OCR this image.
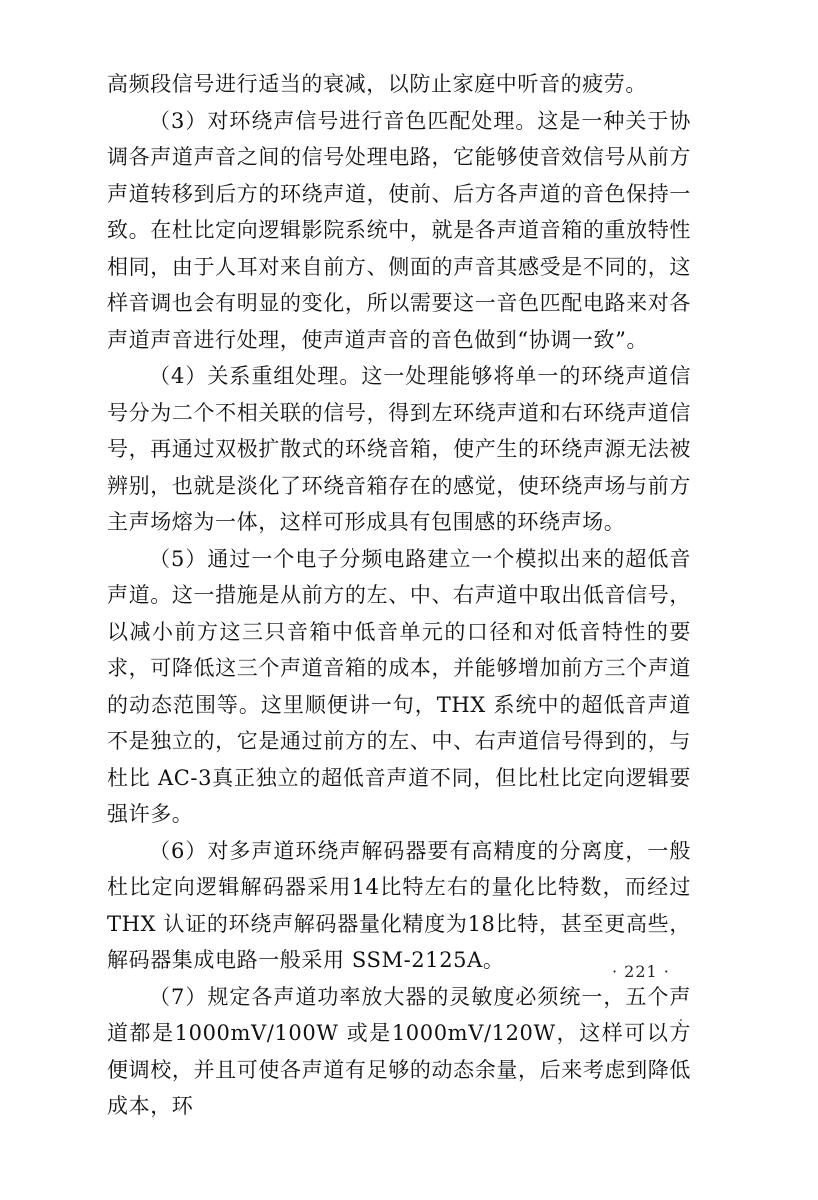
高频段信号进行适当的衰减，以防止家庭中听音的疲劳。

（3）对环绕声信号进行音色匹配处理。这是一种关于协调各声道声音之间的信号处理电路，它能够使音效信号从前方声道转移到后方的环绕声道，使前、后方各声道的音色保持一致。在杜比定向逻辑影院系统中，就是各声道音箱的重放特性相同，由于人耳对来自前方、侧面的声音其感受是不同的，这样音调也会有明显的变化，所以需要这一音色匹配电路来对各声道声音进行处理，使声道声音的音色做到“协调一致”。

（4）关系重组处理。这一处理能够将单一的环绕声道信号分为二个不相关联的信号，得到左环绕声道和右环绕声道信号，再通过双极扩散式的环绕音箱，使产生的环绕声源无法被辨别，也就是淡化了环绕音箱存在的感觉，使环绕声场与前方主声场熔为一体，这样可形成具有包围感的环绕声场。

（5）通过一个电子分频电路建立一个模拟出来的超低音声道。这一措施是从前方的左、中、右声道中取出低音信号，以减小前方这三只音箱中低音单元的口径和对低音特性的要求，可降低这三个声道音箱的成本，并能够增加前方三个声道的动态范围等。这里顺便讲一句，THX 系统中的超低音声道不是独立的，它是通过前方的左、中、右声道信号得到的，与杜比 AC-3真正独立的超低音声道不同，但比杜比定向逻辑要强许多。

（6）对多声道环绕声解码器要有高精度的分离度，一般杜比定向逻辑解码器采用14比特左右的量化比特数，而经过 THX 认证的环绕声解码器量化精度为18比特，甚至更高些，解码器集成电路一般采用 SSM-2125A。

（7）规定各声道功率放大器的灵敏度必须统一，五个声道都是1000mV/100W 或是1000mV/120W，这样可以方便调校，并且可使各声道有足够的动态余量，后来考虑到降低成本，环

· 221 ·
